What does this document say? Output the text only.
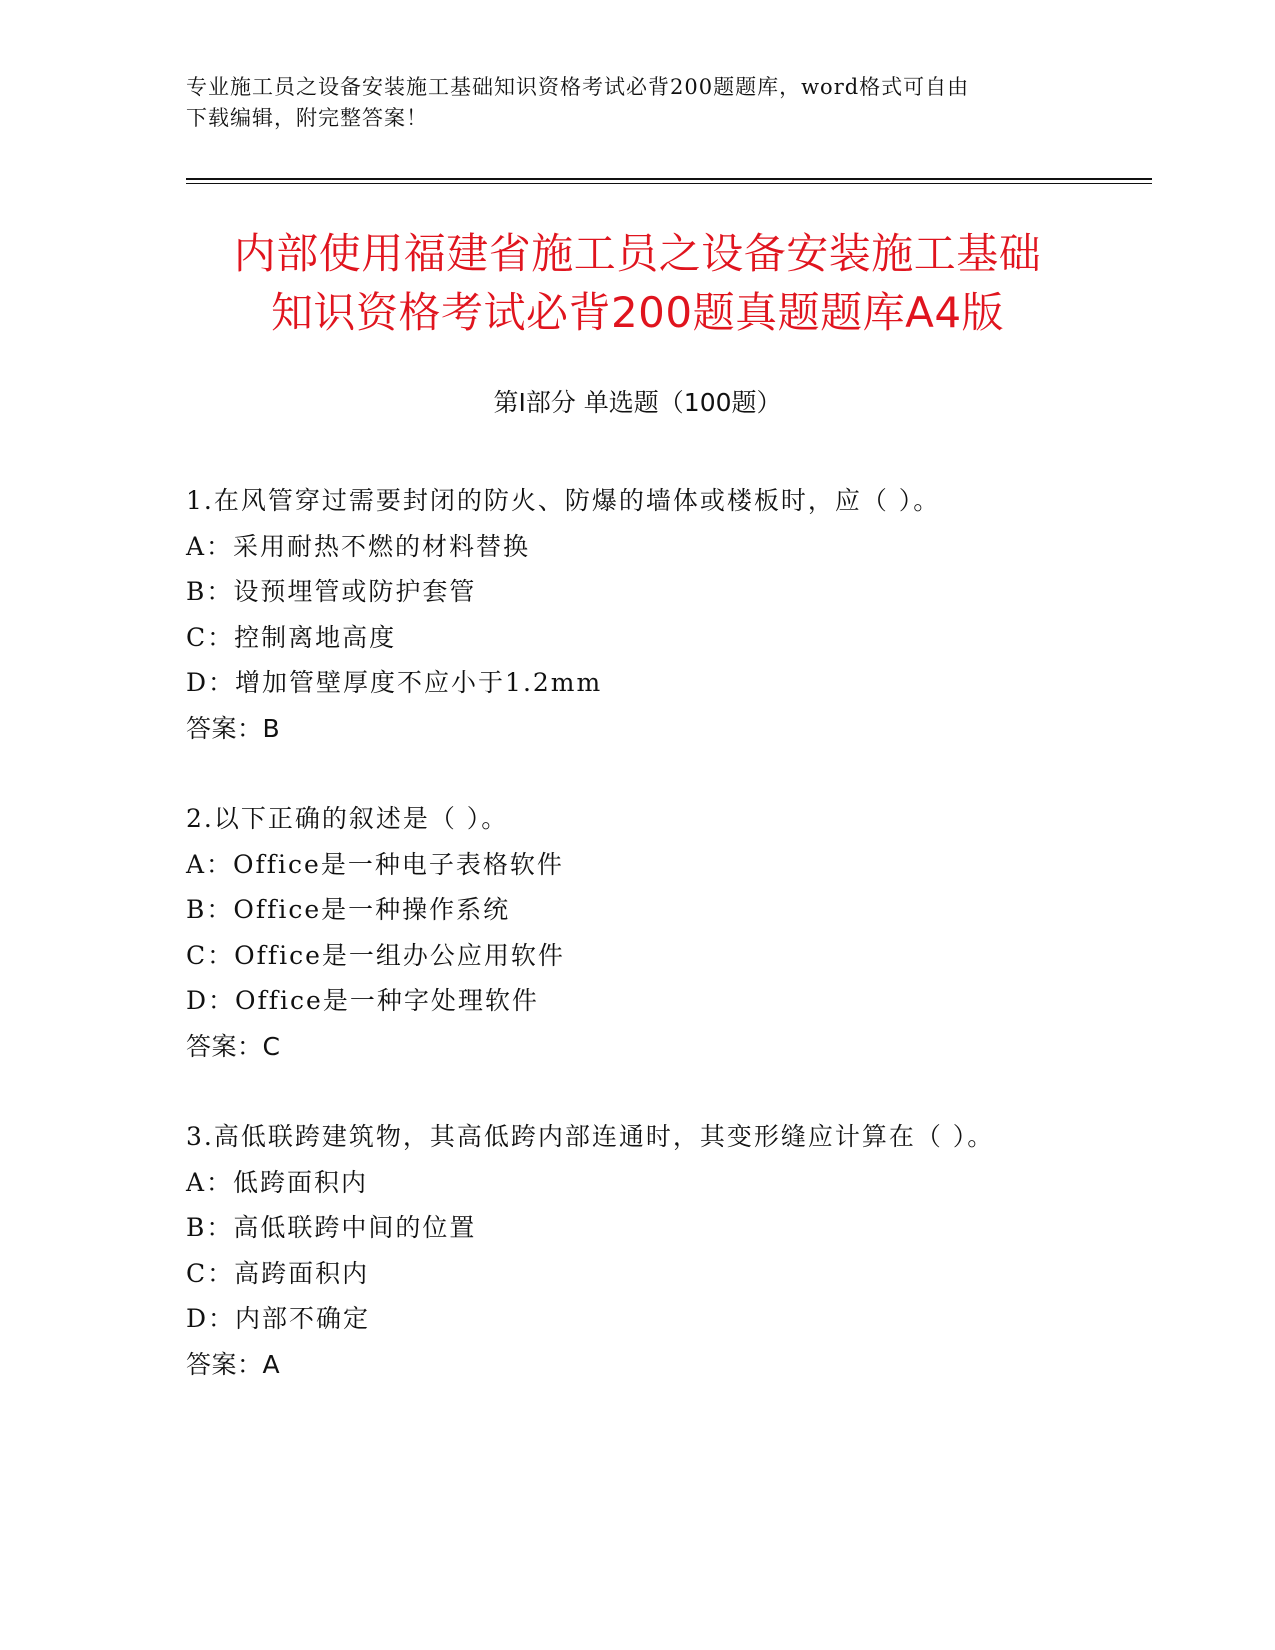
专业施工员之设备安装施工基础知识资格考试必背200题题库，word格式可自由
下载编辑，附完整答案！
内部使用福建省施工员之设备安装施工基础
知识资格考试必背200题真题题库A4版
第Ⅰ部分 单选题（100题）
1.在风管穿过需要封闭的防火、防爆的墙体或楼板时，应（ ）。
A：采用耐热不燃的材料替换
B：设预埋管或防护套管
C：控制离地高度
D：增加管壁厚度不应小于1.2mm
答案：B
2.以下正确的叙述是（ ）。
A：Office是一种电子表格软件
B：Office是一种操作系统
C：Office是一组办公应用软件
D：Office是一种字处理软件
答案：C
3.高低联跨建筑物，其高低跨内部连通时，其变形缝应计算在（ ）。
A：低跨面积内
B：高低联跨中间的位置
C：高跨面积内
D：内部不确定
答案：A
